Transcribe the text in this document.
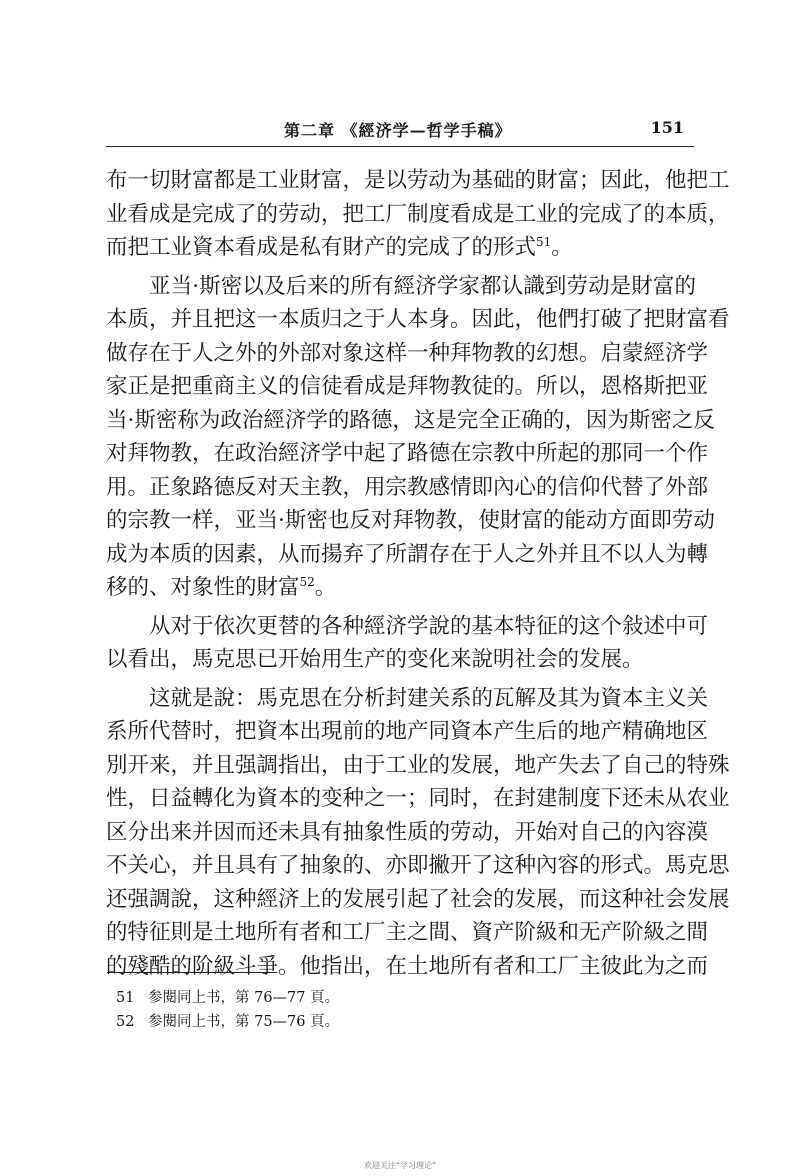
第二章 《經济学—哲学手稿》	151
布一切財富都是工业財富，是以劳动为基础的財富；因此，他把工
业看成是完成了的劳动，把工厂制度看成是工业的完成了的本质，
而把工业資本看成是私有財产的完成了的形式$^{51}$。
亚当·斯密以及后来的所有經济学家都认識到劳动是財富的
本质，并且把这一本质归之于人本身。因此，他們打破了把財富看
做存在于人之外的外部对象这样一种拜物教的幻想。启蒙經济学
家正是把重商主义的信徒看成是拜物教徒的。所以，恩格斯把亚
当·斯密称为政治經济学的路德，这是完全正确的，因为斯密之反
对拜物教，在政治經济学中起了路德在宗教中所起的那同一个作
用。正象路德反对天主教，用宗教感情即內心的信仰代替了外部
的宗教一样，亚当·斯密也反对拜物教，使財富的能动方面即劳动
成为本质的因素，从而揚弃了所謂存在于人之外并且不以人为轉
移的、对象性的財富$^{52}$。
从对于依次更替的各种經济学說的基本特征的这个敍述中可
以看出，馬克思已开始用生产的变化来說明社会的发展。
这就是說：馬克思在分析封建关系的瓦解及其为資本主义关
系所代替时，把資本出現前的地产同資本产生后的地产精确地区
別开来，并且强調指出，由于工业的发展，地产失去了自己的特殊
性，日益轉化为資本的变种之一；同时，在封建制度下还未从农业
区分出来并因而还未具有抽象性质的劳动，开始对自己的內容漠
不关心，并且具有了抽象的、亦即撇开了这种內容的形式。馬克思
还强調說，这种經济上的发展引起了社会的发展，而这种社会发展
的特征則是土地所有者和工厂主之間、資产阶級和无产阶級之間
的殘酷的阶級斗爭。他指出，在土地所有者和工厂主彼此为之而
51 参閱同上书，第 76—77 頁。
52 参閱同上书，第 75—76 頁。
欢迎关注“学习理论”
